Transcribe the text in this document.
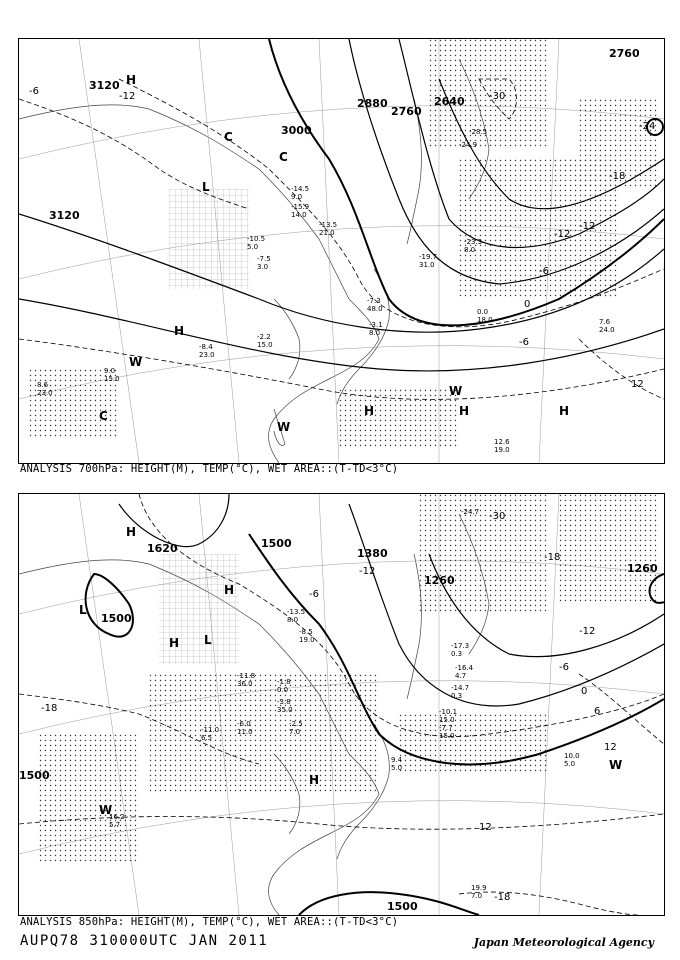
3120
3120
3000
2880
2760
2640
2760
-6	-12
-18
-24
-12
-6
0
-6
-12
12
-30
H
L
H
H	H	H
C
C
C
W
W
W
-14.5
9.0
-15.9
14.0
-13.5
21.0
-10.5
5.0
-7.5
3.0
-3.1
8.0
-7.3
48.0	0.0
18.0
-8.4
23.0
-19.7
31.0
-28.5
7.6
24.0
12.6
19.0
9.0
15.0
8.6
23.0
-24.9
-23.3
8.0
-2.2
15.0
ANALYSIS 700hPa: HEIGHT(M), TEMP(°C), WET AREA::(T-TD<3°C)
1620
1500
1500
1380
1260
1260
1500
1500
-18
-6
-12
-18
-12
-6
0
6
12
12
-18
-30
H
H
L
H L
H
W
W
-13.5
8.0
-8.5
19.0
-11.8
36.0	-1.8
0.0
-3.8
35.0
-2.5
7.0
-6.0
11.0
-11.0
6.5
-10.1
15.0
-7.7
15.0
9.4
5.0
10.0
5.0
16.2
5.7
19.9
7.0
-14.7
0.3
-16.4
4.7
-17.3
0.3
-24.7
ANALYSIS 850hPa: HEIGHT(M), TEMP(°C), WET AREA::(T-TD<3°C)
AUPQ78 310000UTC JAN 2011	Japan Meteorological Agency
